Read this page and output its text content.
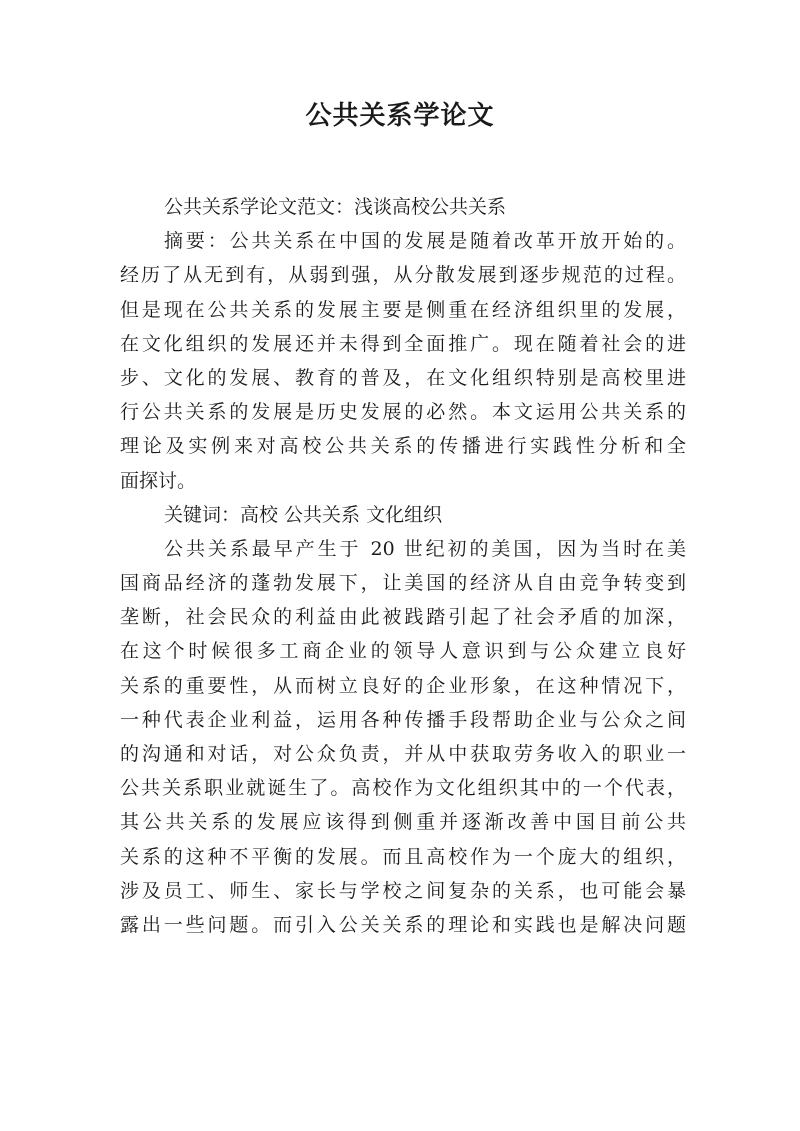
公共关系学论文
公共关系学论文范文：浅谈高校公共关系
摘要：公共关系在中国的发展是随着改革开放开始的。
经历了从无到有，从弱到强，从分散发展到逐步规范的过程。
但是现在公共关系的发展主要是侧重在经济组织里的发展，
在文化组织的发展还并未得到全面推广。现在随着社会的进
步、文化的发展、教育的普及，在文化组织特别是高校里进
行公共关系的发展是历史发展的必然。本文运用公共关系的
理论及实例来对高校公共关系的传播进行实践性分析和全
面探讨。
关键词：高校 公共关系 文化组织
公共关系最早产生于 20 世纪初的美国，因为当时在美
国商品经济的蓬勃发展下，让美国的经济从自由竞争转变到
垄断，社会民众的利益由此被践踏引起了社会矛盾的加深，
在这个时候很多工商企业的领导人意识到与公众建立良好
关系的重要性，从而树立良好的企业形象，在这种情况下，
一种代表企业利益，运用各种传播手段帮助企业与公众之间
的沟通和对话，对公众负责，并从中获取劳务收入的职业一
公共关系职业就诞生了。高校作为文化组织其中的一个代表，
其公共关系的发展应该得到侧重并逐渐改善中国目前公共
关系的这种不平衡的发展。而且高校作为一个庞大的组织，
涉及员工、师生、家长与学校之间复杂的关系，也可能会暴
露出一些问题。而引入公关关系的理论和实践也是解决问题
